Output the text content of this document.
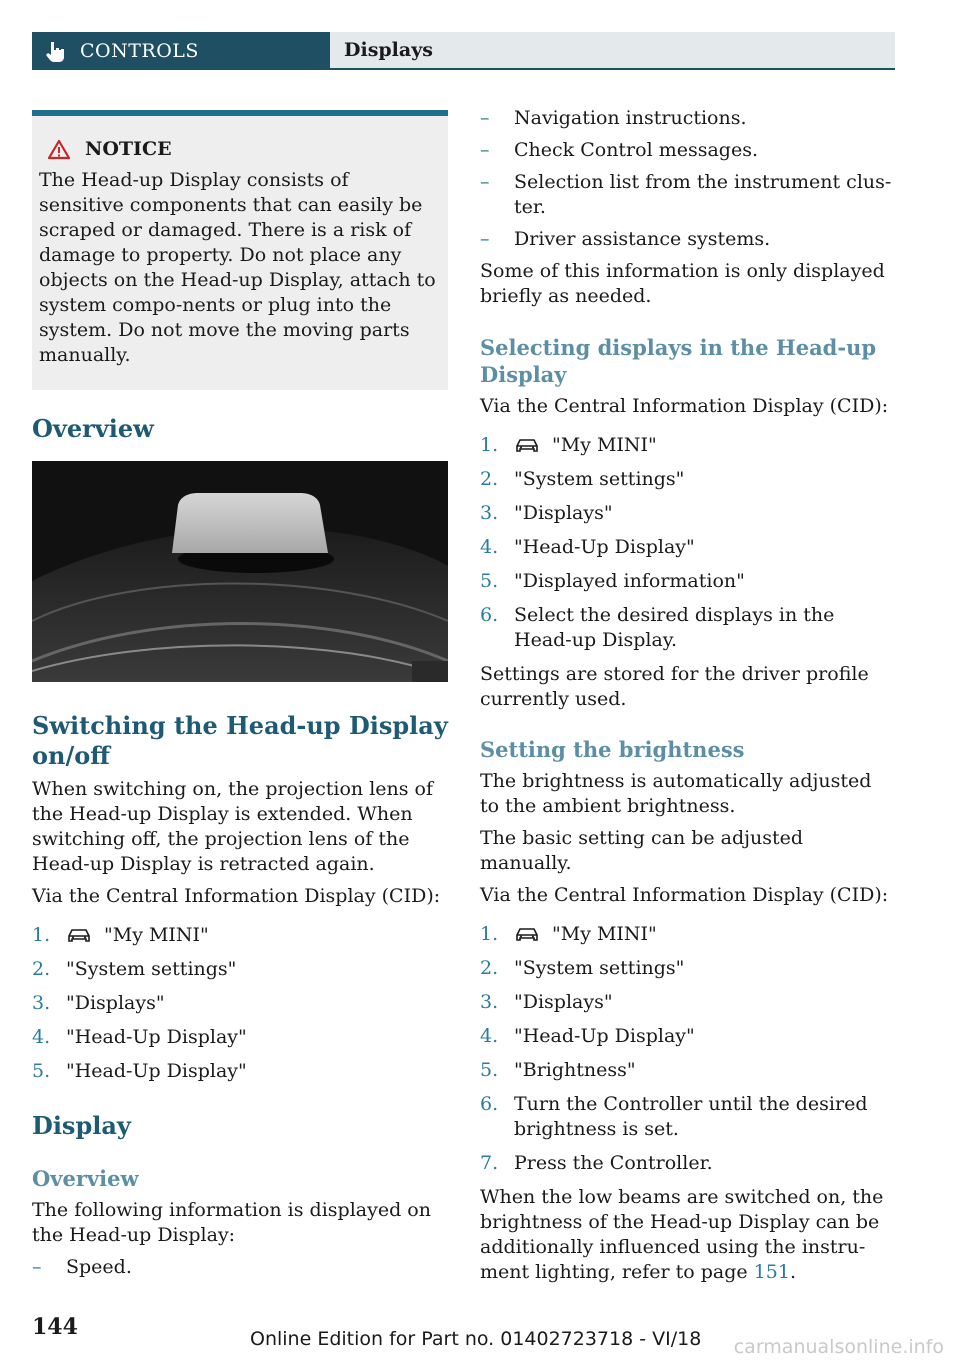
CONTROLS	Displays
NOTICE
The Head-up Display consists of sensitive components that can easily be scraped or damaged. There is a risk of damage to property. Do not place any objects on the Head-up Display, attach to system compo-nents or plug into the system. Do not move the moving parts manually.
Overview
Switching the Head-up Display on/off

When switching on, the projection lens of the Head-up Display is extended. When switching off, the projection lens of the Head-up Display is retracted again.

Via the Central Information Display (CID):

1.	"My MINI"
2. "System settings"
3. "Displays"
4. "Head-Up Display"
5. "Head-Up Display"
Display
Overview

The following information is displayed on the Head-up Display:

–	Speed.
–	Navigation instructions.
–	Check Control messages.
–	Selection list from the instrument clus-ter.
–	Driver assistance systems.

Some of this information is only displayed briefly as needed.

Selecting displays in the Head-up Display

Via the Central Information Display (CID):

1.	"My MINI"
2. "System settings"
3. "Displays"
4. "Head-Up Display"
5. "Displayed information"
6. Select the desired displays in the Head-up Display.

Settings are stored for the driver profile currently used.

Setting the brightness

The brightness is automatically adjusted to the ambient brightness.

The basic setting can be adjusted manually.

Via the Central Information Display (CID):

1.	"My MINI"
2. "System settings"
3. "Displays"
4. "Head-Up Display"
5. "Brightness"
6. Turn the Controller until the desired brightness is set.
7. Press the Controller.

When the low beams are switched on, the brightness of the Head-up Display can be additionally influenced using the instru-ment lighting, refer to page 151.

144	Online Edition for Part no. 01402723718 - VI/18 carmanualsonline.info
